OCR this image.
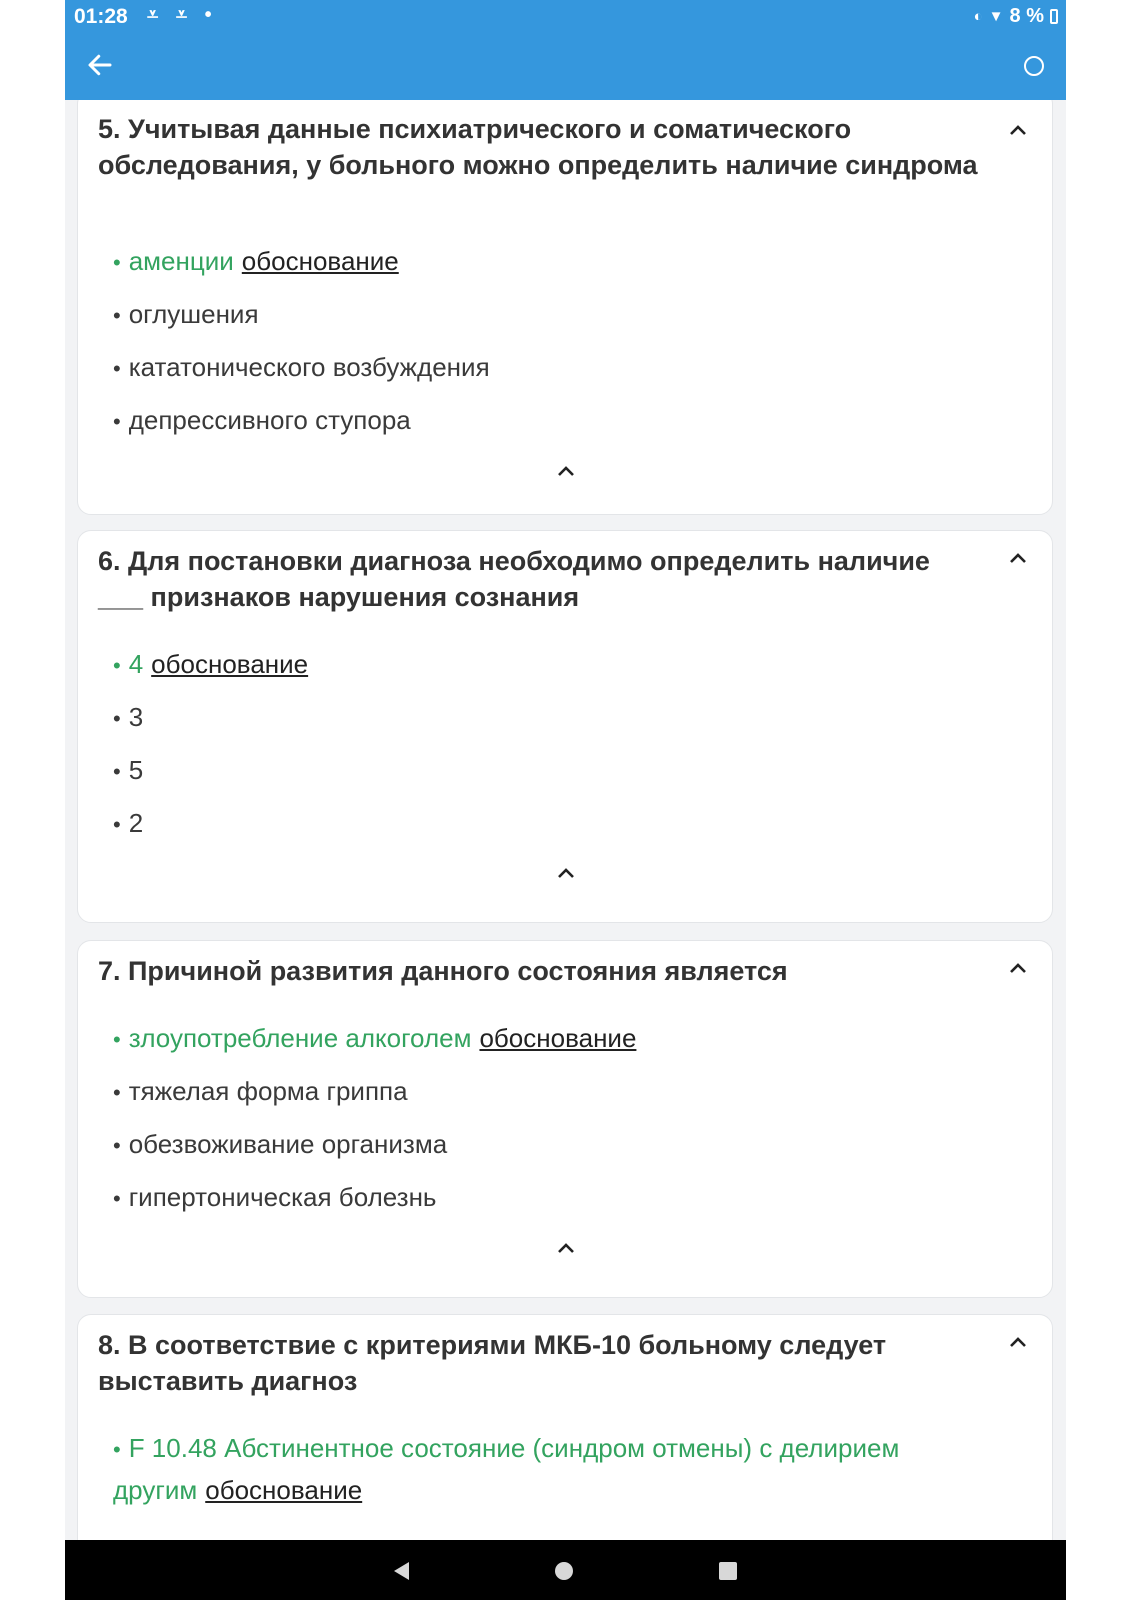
01:28 ⩡ ⩡ •	◐ ▼ 8 %
5. Учитывая данные психиатрического и соматического обследования, у больного можно определить наличие синдрома
• аменции обоснование
• оглушения
• кататонического возбуждения
• депрессивного ступора
6. Для постановки диагноза необходимо определить наличие ___ признаков нарушения сознания
• 4 обоснование
• 3
• 5
• 2
7. Причиной развития данного состояния является
• злоупотребление алкоголем обоснование
• тяжелая форма гриппа
• обезвоживание организма
• гипертоническая болезнь
8. В соответствие с критериями МКБ-10 больному следует выставить диагноз
• F 10.48 Абстинентное состояние (синдром отмены) с делирием другим обоснование
